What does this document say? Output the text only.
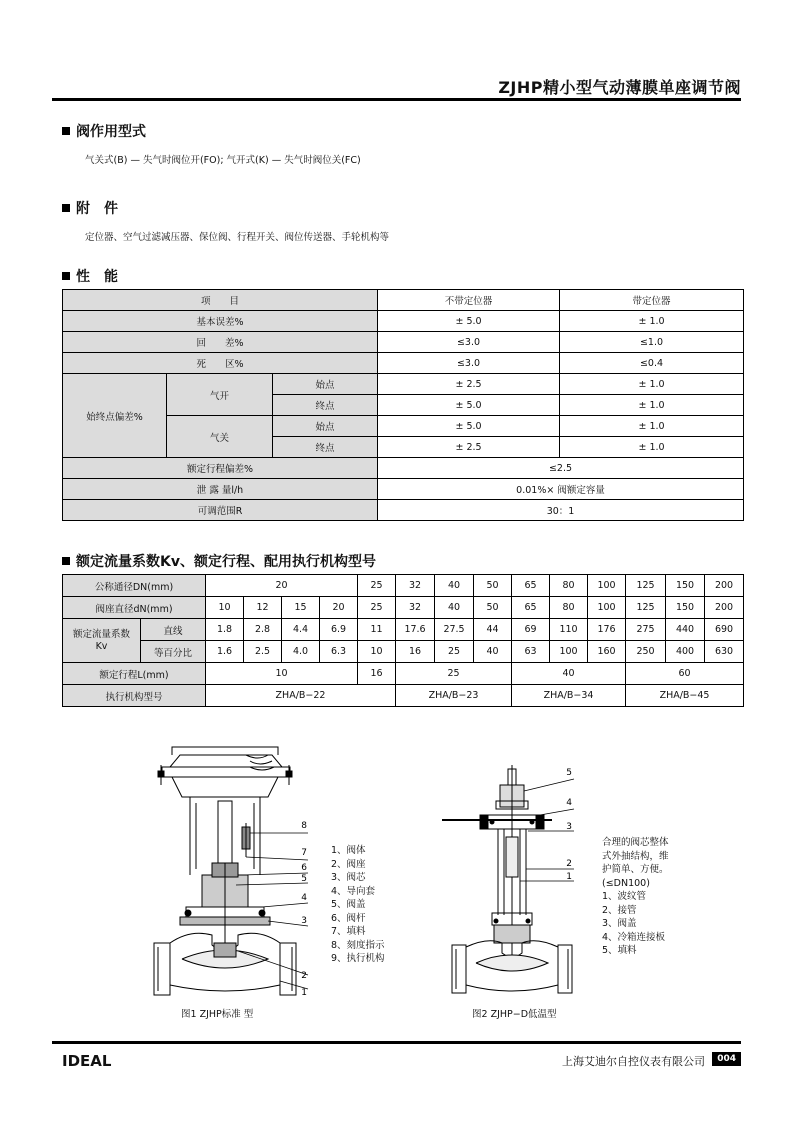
ZJHP精小型气动薄膜单座调节阀
阀作用型式
气关式(B) — 失气时阀位开(FO); 气开式(K) — 失气时阀位关(FC)
附　件
定位器、空气过滤减压器、保位阀、行程开关、阀位传送器、手轮机构等
性　能
项　　目			不带定位器	带定位器
基本误差%			± 5.0	± 1.0
回　　差%			≤3.0	≤1.0
死　　区%			≤3.0	≤0.4
始终点偏差%	气开	始点	± 2.5	± 1.0
		终点	± 5.0	± 1.0
	气关	始点	± 5.0	± 1.0
		终点	± 2.5	± 1.0
额定行程偏差%			≤2.5	
泄 露 量l/h			0.01%× 阀额定容量	
可调范围R			30：1	
额定流量系数Kv、额定行程、配用执行机构型号
公称通径DN(mm)		20				25	32	40	50	65	80	100	125	150	200
阀座直径dN(mm)		10	12	15	20	25	32	40	50	65	80	100	125	150	200
额定流量系数Kv	直线	1.8	2.8	4.4	6.9	11	17.6	27.5	44	69	110	176	275	440	690
	等百分比	1.6	2.5	4.0	6.3	10	16	25	40	63	100	160	250	400	630
额定行程L(mm)		10				16	25			40			60		
执行机构型号		ZHA/B−22					ZHA/B−23			ZHA/B−34			ZHA/B−45		
8
7
6
5
4
3
2
1
1、阀体
2、阀座
3、阀芯
4、导向套
5、阀盖
6、阀杆
7、填料
8、刻度指示
9、执行机构
图1 ZJHP标准 型
5
4
3
2
1
合理的阀芯整体
式外抽结构，维
护简单、方便。
(≤DN100)
1、波纹管
2、接管
3、阀盖
4、冷箱连接板
5、填料
图2 ZJHP−D低温型
IDEAL	上海艾迪尔自控仪表有限公司	004
